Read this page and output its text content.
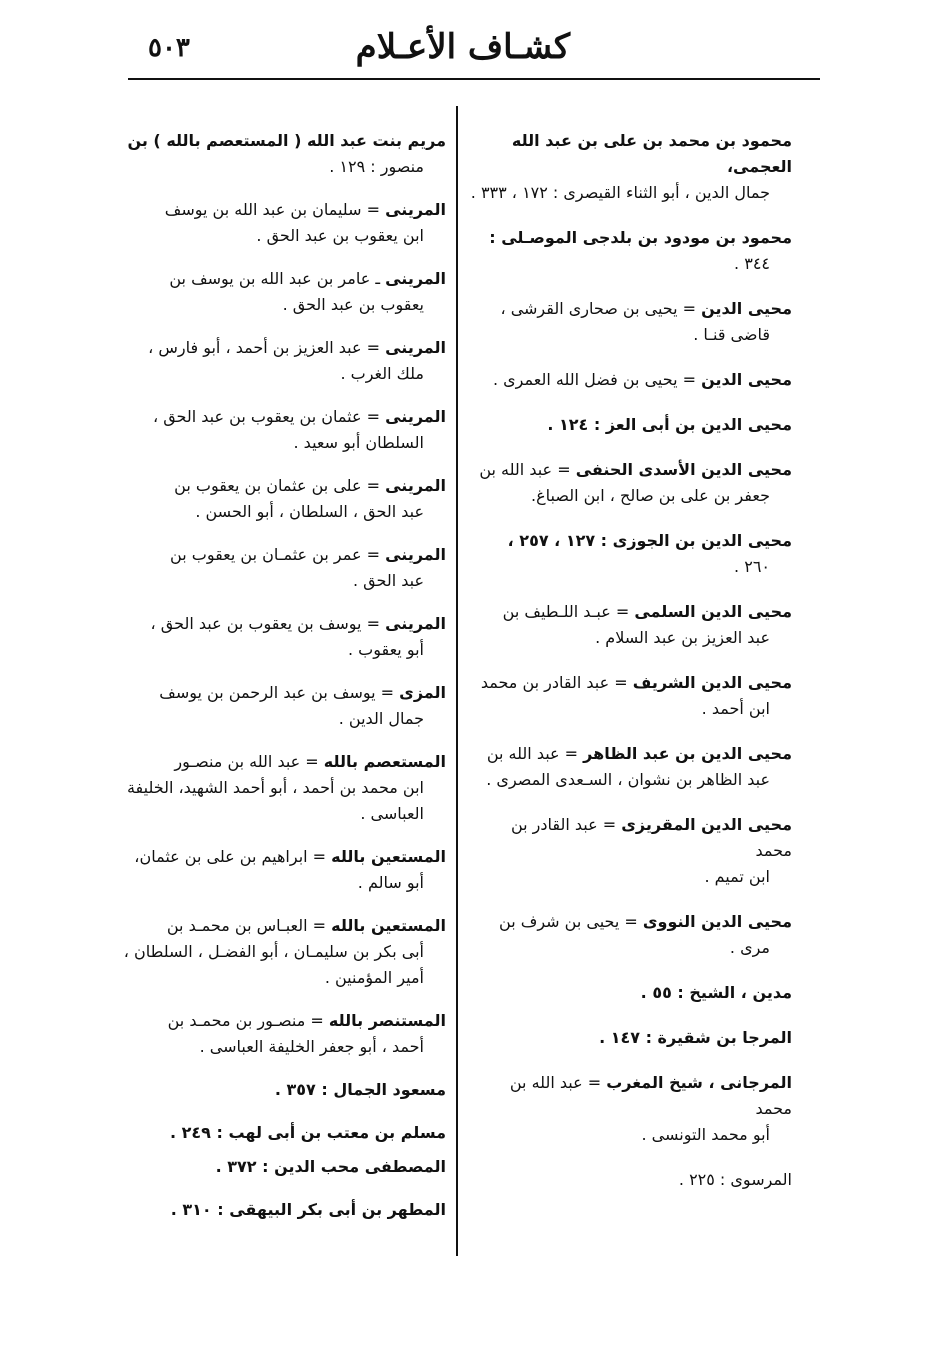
كشـاف الأعـلام
٥٠٣

محمود بن محمد بن على بن عبد الله العجمى،
جمال الدين ، أبو الثناء القيصرى : ١٧٢ ، ٣٣٣ .

محمود بن مودود بن بلدجى الموصـلى :
٣٤٤ .

محيى الدين = يحيى بن صحارى القرشى ،
قاضى قنـا .

محيى الدين = يحيى بن فضل الله العمرى .

محيى الدين بن أبى العز : ١٢٤ .

محيى الدين الأسدى الحنفى = عبد الله بن
جعفر بن على بن صالح ، ابن الصباغ.

محيى الدين بن الجوزى : ١٢٧ ، ٢٥٧ ،
٢٦٠ .

محيى الدين السلمى = عبـد اللـطيف بن
عبد العزيز بن عبد السلام .

محيى الدين الشريف = عبد القادر بن محمد
ابن أحمد .

محيى الدين بن عبد الظاهر = عبد الله بن
عبد الظاهر بن نشوان ، السـعدى المصرى .

محيى الدين المقريزى = عبد القادر بن محمد
ابن تميم .

محيى الدين النووى = يحيى بن شرف بن
مرى .

مدين ، الشيخ : ٥٥ .

المرجا بن شقيرة : ١٤٧ .

المرجانى ، شيخ المغرب = عبد الله بن محمد
أبو محمد التونسى .

المرسوى : ٢٢٥ .

مريم بنت عبد الله ( المستعصم بالله ) بن
منصور : ١٢٩ .

المرينى = سليمان بن عبد الله بن يوسف
ابن يعقوب بن عبد الحق .

المرينى ـ عامر بن عبد الله بن يوسف بن
يعقوب بن عبد الحق .

المرينى = عبد العزيز بن أحمد ، أبو فارس ،
ملك الغرب .

المرينى = عثمان بن يعقوب بن عبد الحق ،
السلطان أبو سعيد .

المرينى = على بن عثمان بن يعقوب بن
عبد الحق ، السلطان ، أبو الحسن .

المرينى = عمر بن عثمـان بن يعقوب بن
عبد الحق .

المرينى = يوسف بن يعقوب بن عبد الحق ،
أبو يعقوب .

المزى = يوسف بن عبد الرحمن بن يوسف
جمال الدين .

المستعصم بالله = عبد الله بن منصـور
ابن محمد بن أحمد ، أبو أحمد الشهيد، الخليفة العباسى .

المستعين بالله = ابراهيم بن على بن عثمان،
أبو سالم .

المستعين بالله = العبـاس بن محمـد بن
أبى بكر بن سليمـان ، أبو الفضـل ، السلطان ، أمير المؤمنين .

المستنصر بالله = منصـور بن محمـد بن
أحمد ، أبو جعفر الخليفة العباسى .

مسعود الجمال : ٣٥٧ .

مسلم بن معتب بن أبى لهب : ٢٤٩ .

المصطفى محب الدين : ٣٧٢ .

المطهر بن أبى بكر البيهقى : ٣١٠ .
